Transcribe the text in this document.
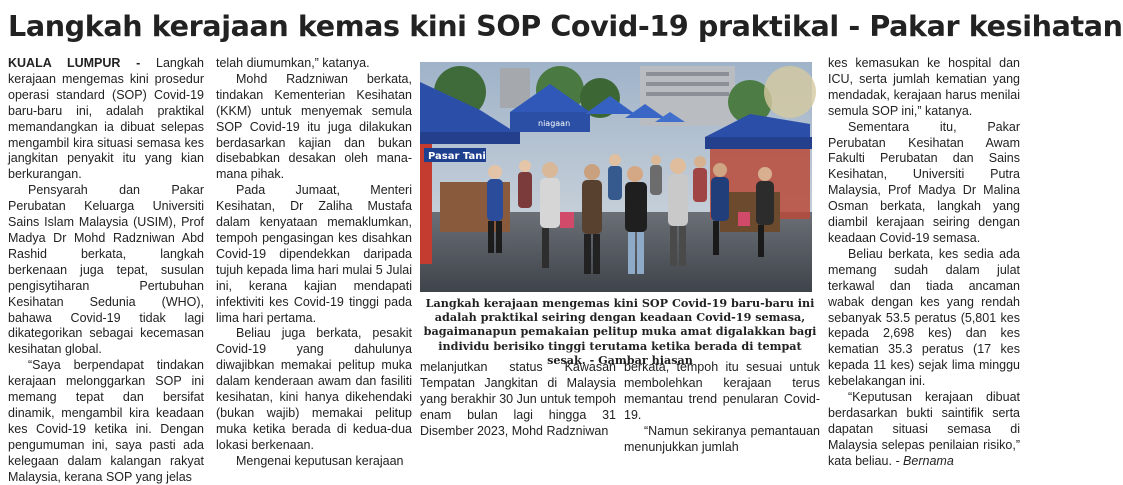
Langkah kerajaan kemas kini SOP Covid-19 praktikal - Pakar kesihatan

KUALA LUMPUR - Langkah kerajaan mengemas kini prosedur operasi standard (SOP) Covid-19 baru-baru ini, adalah praktikal memandangkan ia dibuat selepas mengambil kira situasi semasa kes jangkitan penyakit itu yang kian berkurangan.

Pensyarah dan Pakar Perubatan Keluarga Universiti Sains Islam Malaysia (USIM), Prof Madya Dr Mohd Radzniwan Abd Rashid berkata, langkah berkenaan juga tepat, susulan pengisytiharan Pertubuhan Kesihatan Sedunia (WHO), bahawa Covid-19 tidak lagi dikategorikan sebagai kecemasan kesihatan global.

“Saya berpendapat tindakan kerajaan melonggarkan SOP ini memang tepat dan bersifat dinamik, mengambil kira keadaan kes Covid-19 ketika ini. Dengan pengumuman ini, saya pasti ada kelegaan dalam kalangan rakyat Malaysia, kerana SOP yang jelas

telah diumumkan,” katanya.

Mohd Radzniwan berkata, tindakan Kementerian Kesihatan (KKM) untuk menyemak semula SOP Covid-19 itu juga dilakukan berdasarkan kajian dan bukan disebabkan desakan oleh mana-mana pihak.

Pada Jumaat, Menteri Kesihatan, Dr Zaliha Mustafa dalam kenyataan memaklumkan, tempoh pengasingan kes disahkan Covid-19 dipendekkan daripada tujuh kepada lima hari mulai 5 Julai ini, kerana kajian mendapati infektiviti kes Covid-19 tinggi pada lima hari pertama.

Beliau juga berkata, pesakit Covid-19 yang dahulunya diwajibkan memakai pelitup muka dalam kenderaan awam dan fasiliti kesihatan, kini hanya dikehendaki (bukan wajib) memakai pelitup muka ketika berada di kedua-dua lokasi berkenaan.

Mengenai keputusan kerajaan

Pasar Tani
niagaan
Langkah kerajaan mengemas kini SOP Covid-19 baru-baru ini adalah praktikal seiring dengan keadaan Covid-19 semasa, bagaimanapun pemakaian pelitup muka amat digalakkan bagi individu berisiko tinggi terutama ketika berada di tempat sesak. - Gambar hiasan

melanjutkan status Kawasan Tempatan Jangkitan di Malaysia yang berakhir 30 Jun untuk tempoh enam bulan lagi hingga 31 Disember 2023, Mohd Radzniwan

berkata, tempoh itu sesuai untuk membolehkan kerajaan terus memantau trend penularan Covid-19.

“Namun sekiranya pemantauan menunjukkan jumlah

kes kemasukan ke hospital dan ICU, serta jumlah kematian yang mendadak, kerajaan harus menilai semula SOP ini,” katanya.

Sementara itu, Pakar Perubatan Kesihatan Awam Fakulti Perubatan dan Sains Kesihatan, Universiti Putra Malaysia, Prof Madya Dr Malina Osman berkata, langkah yang diambil kerajaan seiring dengan keadaan Covid-19 semasa.

Beliau berkata, kes sedia ada memang sudah dalam julat terkawal dan tiada ancaman wabak dengan kes yang rendah sebanyak 53.5 peratus (5,801 kes kepada 2,698 kes) dan kes kematian 35.3 peratus (17 kes kepada 11 kes) sejak lima minggu kebelakangan ini.

“Keputusan kerajaan dibuat berdasarkan bukti saintifik serta dapatan situasi semasa di Malaysia selepas penilaian risiko,” kata beliau. - Bernama
